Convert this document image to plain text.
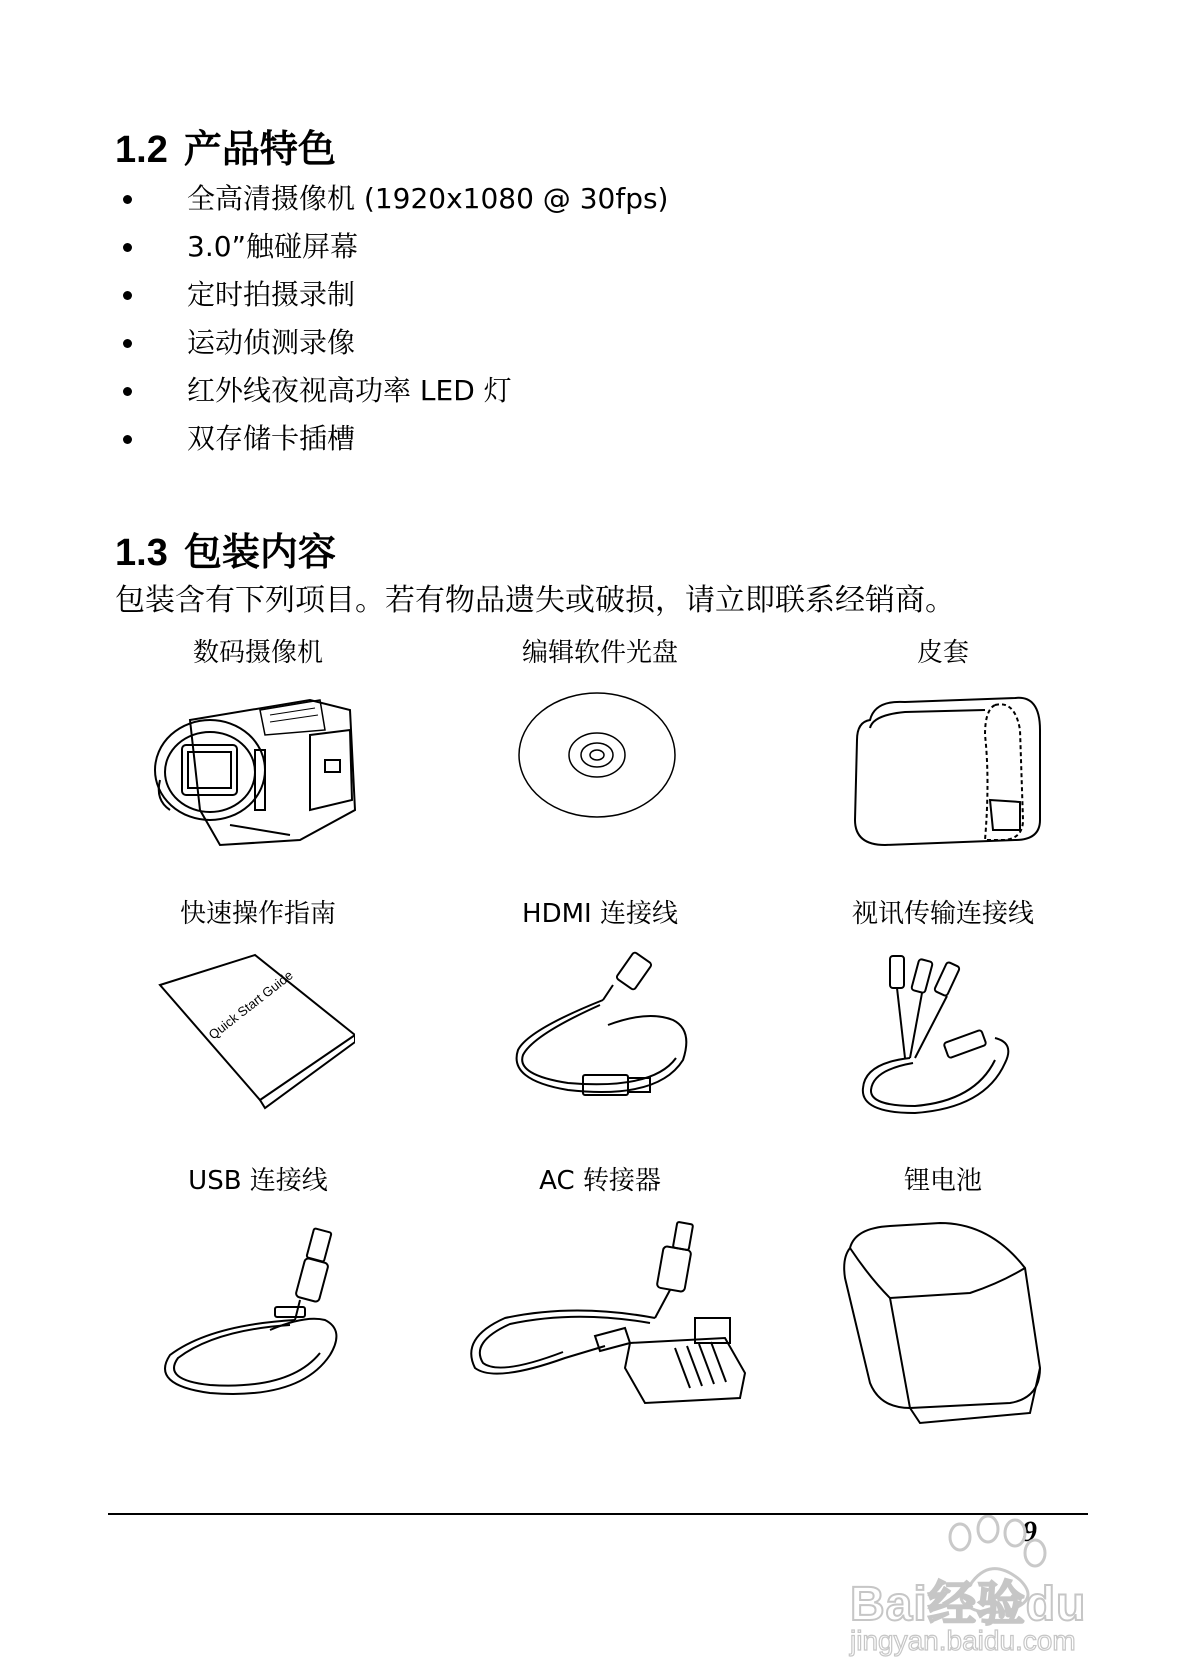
1.2 产品特色
全高清摄像机 (1920x1080 @ 30fps)
3.0”触碰屏幕
定时拍摄录制
运动侦测录像
红外线夜视高功率 LED 灯
双存储卡插槽
1.3 包装内容
包装含有下列项目。若有物品遗失或破损，请立即联系经销商。
数码摄像机	编辑软件光盘	皮套
快速操作指南	HDMI 连接线	视讯传输连接线
Quick Start Guide
USB 连接线	AC 转接器	锂电池
9
Bai经验du
jingyan.baidu.com
